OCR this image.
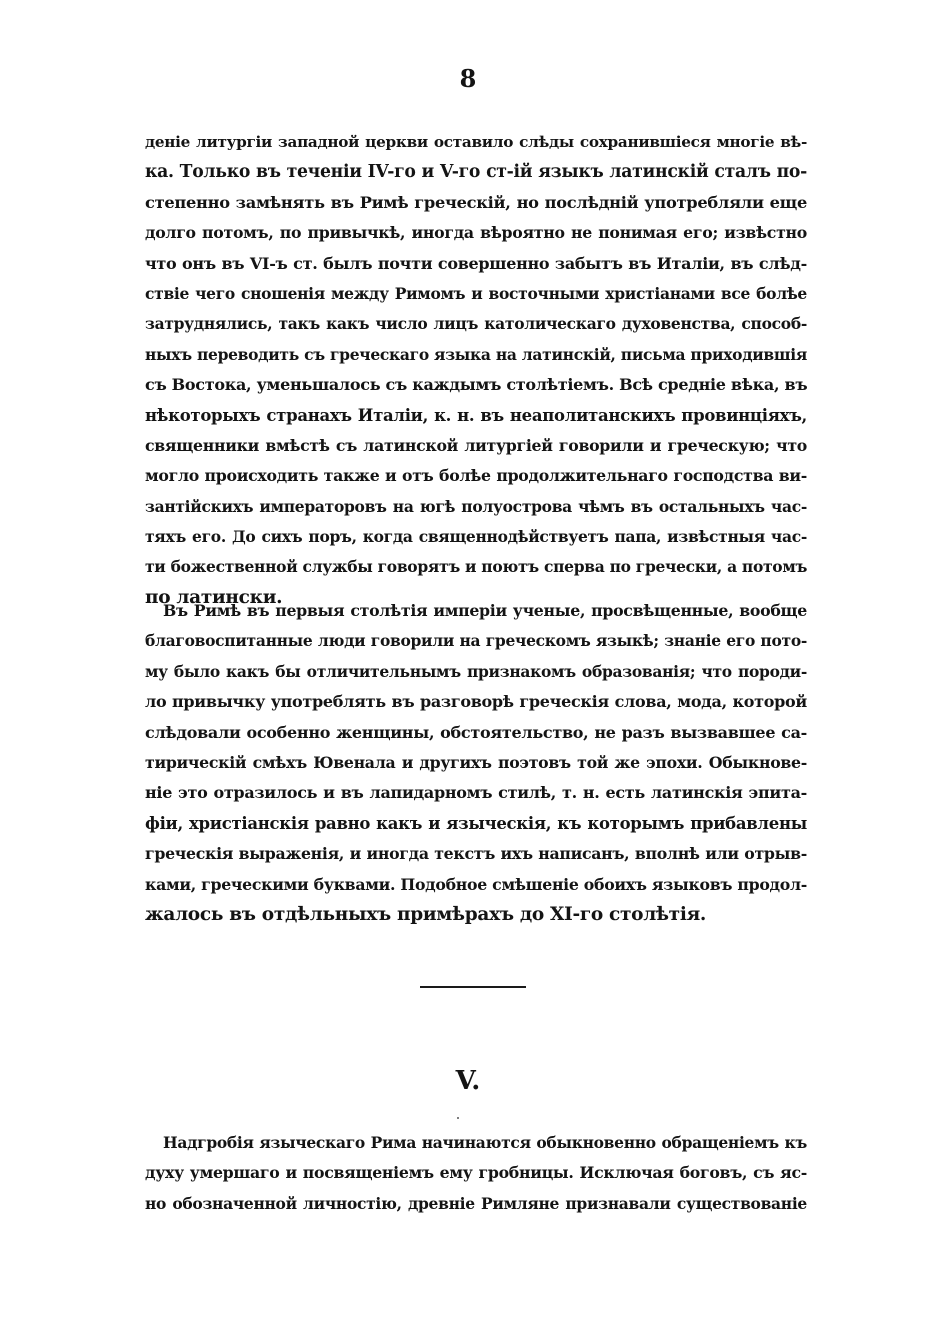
8
деніе литургіи западной церкви оставило слѣды сохранившіеся многіе вѣ-
ка. Только въ теченіи IV-го и V-го ст-ій языкъ латинскій сталъ по-
степенно замѣнять въ Римѣ греческій, но послѣдній употребляли еще
долго потомъ, по привычкѣ, иногда вѣроятно не понимая его; извѣстно
что онъ въ VI-ъ ст. былъ почти совершенно забытъ въ Италіи, въ слѣд-
ствіе чего сношенія между Римомъ и восточными христіанами все болѣе
затруднялись, такъ какъ число лицъ католическаго духовенства, способ-
ныхъ переводить съ греческаго языка на латинскій, письма приходившія
съ Востока, уменьшалось съ каждымъ столѣтіемъ. Всѣ средніе вѣка, въ
нѣкоторыхъ странахъ Италіи, к. н. въ неаполитанскихъ провинціяхъ,
священники вмѣстѣ съ латинской литургіей говорили и греческую; что
могло происходить также и отъ болѣе продолжительнаго господства ви-
зантійскихъ императоровъ на югѣ полуострова чѣмъ въ остальныхъ час-
тяхъ его. До сихъ поръ, когда священнодѣйствуетъ папа, извѣстныя час-
ти божественной службы говорятъ и поютъ сперва по гречески, а потомъ
по латински.
Въ Римѣ въ первыя столѣтія имперіи ученые, просвѣщенные, вообще
благовоспитанные люди говорили на греческомъ языкѣ; знаніе его пото-
му было какъ бы отличительнымъ признакомъ образованія; что породи-
ло привычку употреблять въ разговорѣ греческія слова, мода, которой
слѣдовали особенно женщины, обстоятельство, не разъ вызвавшее са-
тирическій смѣхъ Ювенала и другихъ поэтовъ той же эпохи. Обыкнове-
ніе это отразилось и въ лапидарномъ стилѣ, т. н. есть латинскія эпита-
фіи, христіанскія равно какъ и языческія, къ которымъ прибавлены
греческія выраженія, и иногда текстъ ихъ написанъ, вполнѣ или отрыв-
ками, греческими буквами. Подобное смѣшеніе обоихъ языковъ продол-
жалось въ отдѣльныхъ примѣрахъ до XI-го столѣтія.
V.
Надгробія языческаго Рима начинаются обыкновенно обращеніемъ къ
духу умершаго и посвященіемъ ему гробницы. Исключая боговъ, съ яс-
но обозначенной личностію, древніе Римляне признавали существованіе
